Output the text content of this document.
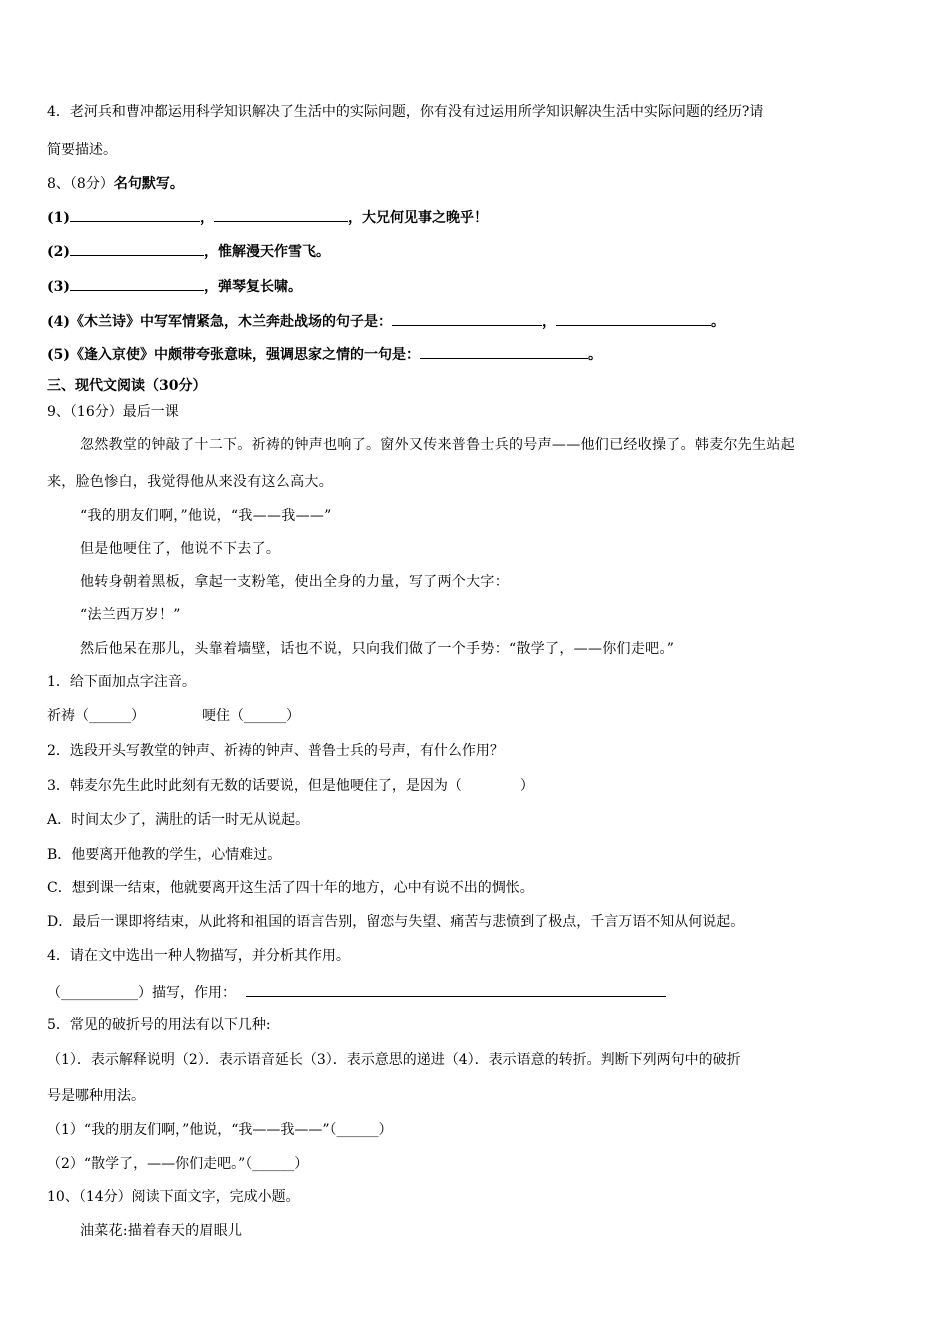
4．老河兵和曹冲都运用科学知识解决了生活中的实际问题，你有没有过运用所学知识解决生活中实际问题的经历?请
简要描述。
8、（8分）名句默写。
(1)	，	，大兄何见事之晚乎！
(2)	，惟解漫天作雪飞。
(3)	，弹琴复长啸。
(4)《木兰诗》中写军情紧急，木兰奔赴战场的句子是：	，	。
(5)《逢入京使》中颇带夸张意味，强调思家之情的一句是：	。
三、现代文阅读（30分）
9、（16分）最后一课
忽然教堂的钟敲了十二下。祈祷的钟声也响了。窗外又传来普鲁士兵的号声——他们已经收操了。韩麦尔先生站起
来，脸色惨白，我觉得他从来没有这么高大。
“我的朋友们啊，”他说，“我——我——”
但是他哽住了，他说不下去了。
他转身朝着黑板，拿起一支粉笔，使出全身的力量，写了两个大字：
“法兰西万岁！”
然后他呆在那儿，头靠着墙壁，话也不说，只向我们做了一个手势：“散学了，——你们走吧。”
1．给下面加点字注音。
祈祷（______）	哽住（______）
2．选段开头写教堂的钟声、祈祷的钟声、普鲁士兵的号声，有什么作用？
3．韩麦尔先生此时此刻有无数的话要说，但是他哽住了，是因为（	）
A．时间太少了，满肚的话一时无从说起。
B．他要离开他教的学生，心情难过。
C．想到课一结束，他就要离开这生活了四十年的地方，心中有说不出的惆怅。
D．最后一课即将结束，从此将和祖国的语言告别，留恋与失望、痛苦与悲愤到了极点，千言万语不知从何说起。
4．请在文中选出一种人物描写，并分析其作用。
（___________）描写，作用：
5．常见的破折号的用法有以下几种:
（1）．表示解释说明（2）．表示语音延长（3）．表示意思的递进（4）．表示语意的转折。判断下列两句中的破折
号是哪种用法。
（1）“我的朋友们啊，”他说，“我——我——”（______）
（2）“散学了，——你们走吧。”（______）
10、（14分）阅读下面文字，完成小题。
油菜花:描着春天的眉眼儿
